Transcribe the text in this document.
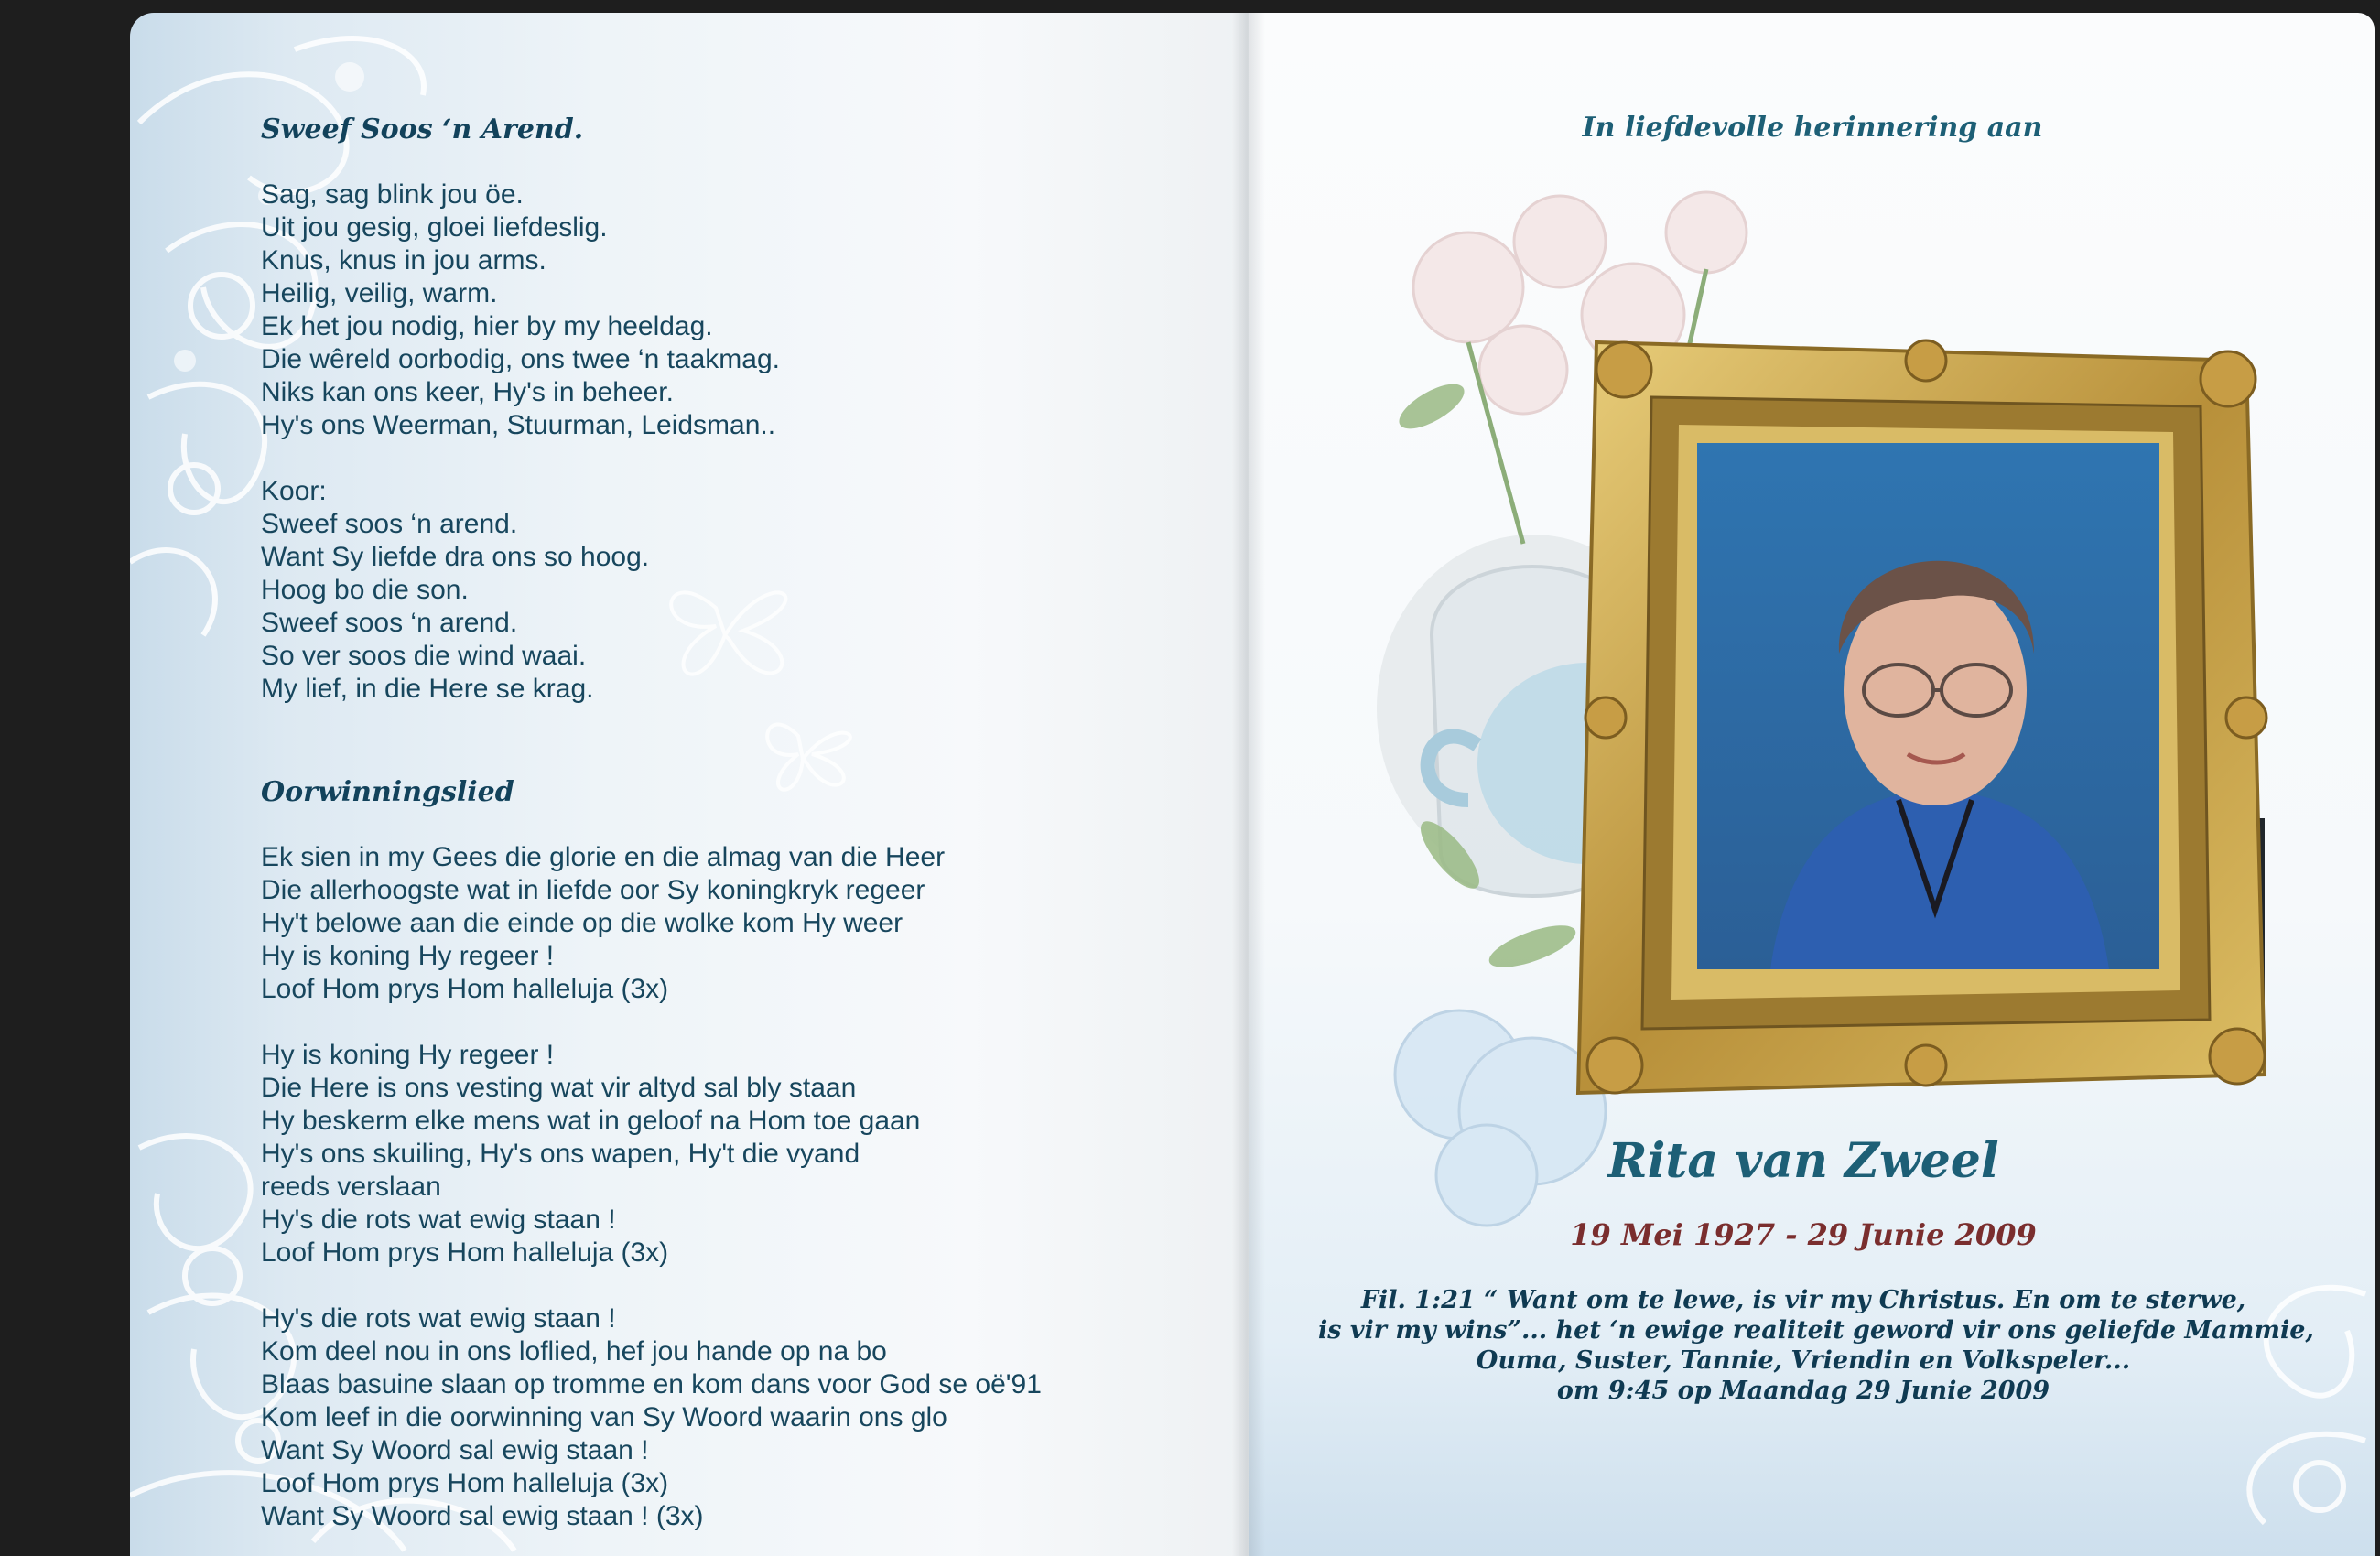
Sweef Soos ‘n Arend.

Sag, sag blink jou öe.
Uit jou gesig, gloei liefdeslig.
Knus, knus in jou arms.
Heilig, veilig, warm.
Ek het jou nodig, hier by my heeldag.
Die wêreld oorbodig, ons twee ‘n taakmag.
Niks kan ons keer, Hy's in beheer.
Hy's ons Weerman, Stuurman, Leidsman..
Koor:
Sweef soos ‘n arend.
Want Sy liefde dra ons so hoog.
Hoog bo die son.
Sweef soos ‘n arend.
So ver soos die wind waai.
My lief, in die Here se krag.

Oorwinningslied

Ek sien in my Gees die glorie en die almag van die Heer
Die allerhoogste wat in liefde oor Sy koningkryk regeer
Hy't belowe aan die einde op die wolke kom Hy weer
Hy is koning Hy regeer !
Loof Hom prys Hom halleluja (3x)
Hy is koning Hy regeer !
Die Here is ons vesting wat vir altyd sal bly staan
Hy beskerm elke mens wat in geloof na Hom toe gaan
Hy's ons skuiling, Hy's ons wapen, Hy't die vyand
reeds verslaan
Hy's die rots wat ewig staan !
Loof Hom prys Hom halleluja (3x)
Hy's die rots wat ewig staan !
Kom deel nou in ons loflied, hef jou hande op na bo
Blaas basuine slaan op tromme en kom dans voor God se oë'91
Kom leef in die oorwinning van Sy Woord waarin ons glo
Want Sy Woord sal ewig staan !
Loof Hom prys Hom halleluja (3x)
Want Sy Woord sal ewig staan ! (3x)
In liefdevolle herinnering aan
Rita van Zweel
19 Mei 1927 - 29 Junie 2009
Fil. 1:21 “ Want om te lewe, is vir my Christus. En om te sterwe,
is vir my wins”... het ‘n ewige realiteit geword vir ons geliefde Mammie,
Ouma, Suster, Tannie, Vriendin en Volkspeler...
om 9:45 op Maandag 29 Junie 2009
